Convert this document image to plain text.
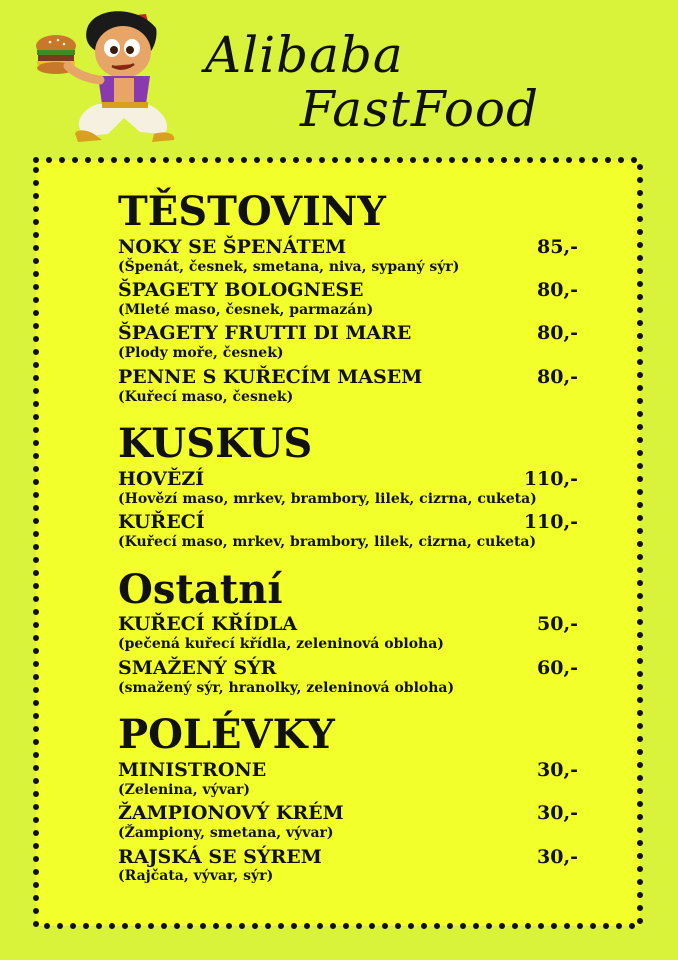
Alibaba
FastFood
TĚSTOVINY
NOKY SE ŠPENÁTEM	85,-
(Špenát, česnek, smetana, niva, sypaný sýr)
ŠPAGETY BOLOGNESE	80,-
(Mleté maso, česnek, parmazán)
ŠPAGETY FRUTTI DI MARE	80,-
(Plody moře, česnek)
PENNE S KUŘECÍM MASEM	80,-
(Kuřecí maso, česnek)
KUSKUS
HOVĚZÍ	110,-
(Hovězí maso, mrkev, brambory, lilek, cizrna, cuketa)
KUŘECÍ	110,-
(Kuřecí maso, mrkev, brambory, lilek, cizrna, cuketa)
Ostatní
KUŘECÍ KŘÍDLA	50,-
(pečená kuřecí křídla, zeleninová obloha)
SMAŽENÝ SÝR	60,-
(smažený sýr, hranolky, zeleninová obloha)
POLÉVKY
MINISTRONE	30,-
(Zelenina, vývar)
ŽAMPIONOVÝ KRÉM	30,-
(Žampiony, smetana, vývar)
RAJSKÁ SE SÝREM	30,-
(Rajčata, vývar, sýr)
